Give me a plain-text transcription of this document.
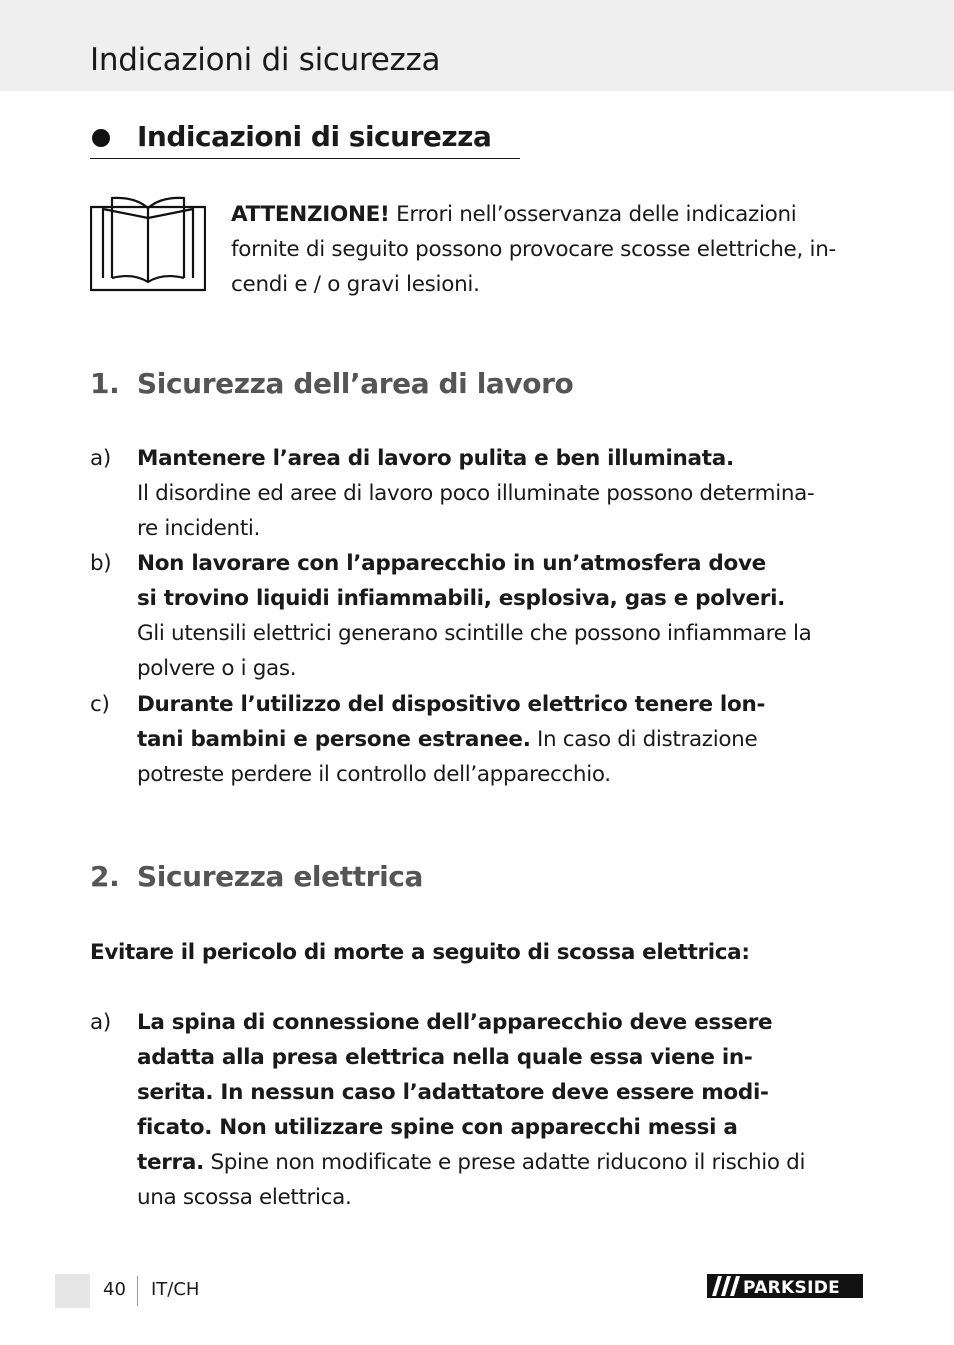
Indicazioni di sicurezza
Indicazioni di sicurezza
ATTENZIONE! Errori nell’osservanza delle indicazioni
fornite di seguito possono provocare scosse elettriche, in-
cendi e / o gravi lesioni.
1. Sicurezza dell’area di lavoro
a) Mantenere l’area di lavoro pulita e ben illuminata.
Il disordine ed aree di lavoro poco illuminate possono determina-
re incidenti.
b) Non lavorare con l’apparecchio in un’atmosfera dove
si trovino liquidi infiammabili, esplosiva, gas e polveri.
Gli utensili elettrici generano scintille che possono infiammare la
polvere o i gas.
c) Durante l’utilizzo del dispositivo elettrico tenere lon-
tani bambini e persone estranee. In caso di distrazione
potreste perdere il controllo dell’apparecchio.
2. Sicurezza elettrica
Evitare il pericolo di morte a seguito di scossa elettrica:
a) La spina di connessione dell’apparecchio deve essere
adatta alla presa elettrica nella quale essa viene in-
serita. In nessun caso l’adattatore deve essere modi-
ficato. Non utilizzare spine con apparecchi messi a
terra. Spine non modificate e prese adatte riducono il rischio di
una scossa elettrica.
40 IT/CH	PARKSIDE
